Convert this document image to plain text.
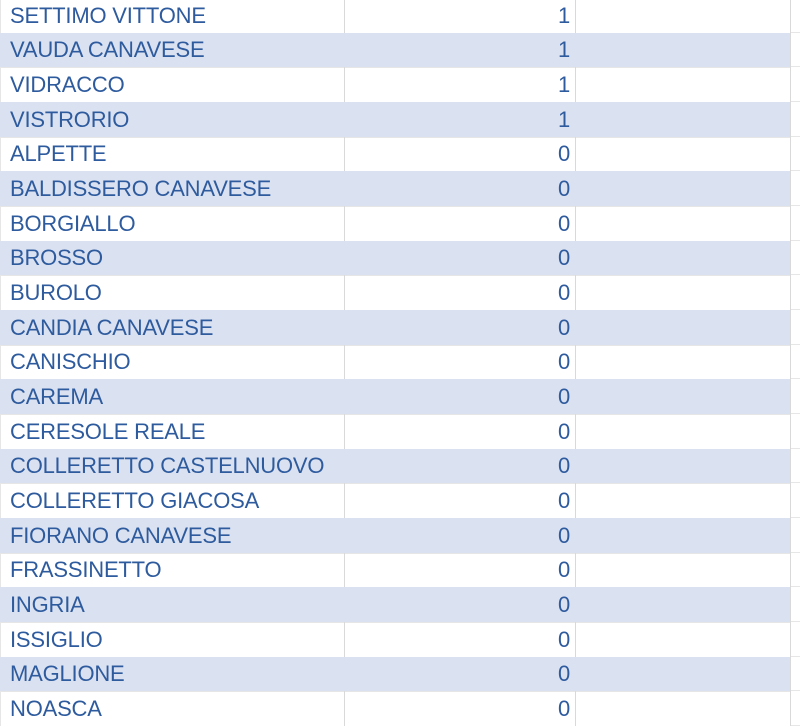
SETTIMO VITTONE	1
VAUDA CANAVESE	1
VIDRACCO	1
VISTRORIO	1
ALPETTE	0
BALDISSERO CANAVESE	0
BORGIALLO	0
BROSSO	0
BUROLO	0
CANDIA CANAVESE	0
CANISCHIO	0
CAREMA	0
CERESOLE REALE	0
COLLERETTO CASTELNUOVO	0
COLLERETTO GIACOSA	0
FIORANO CANAVESE	0
FRASSINETTO	0
INGRIA	0
ISSIGLIO	0
MAGLIONE	0
NOASCA	0
